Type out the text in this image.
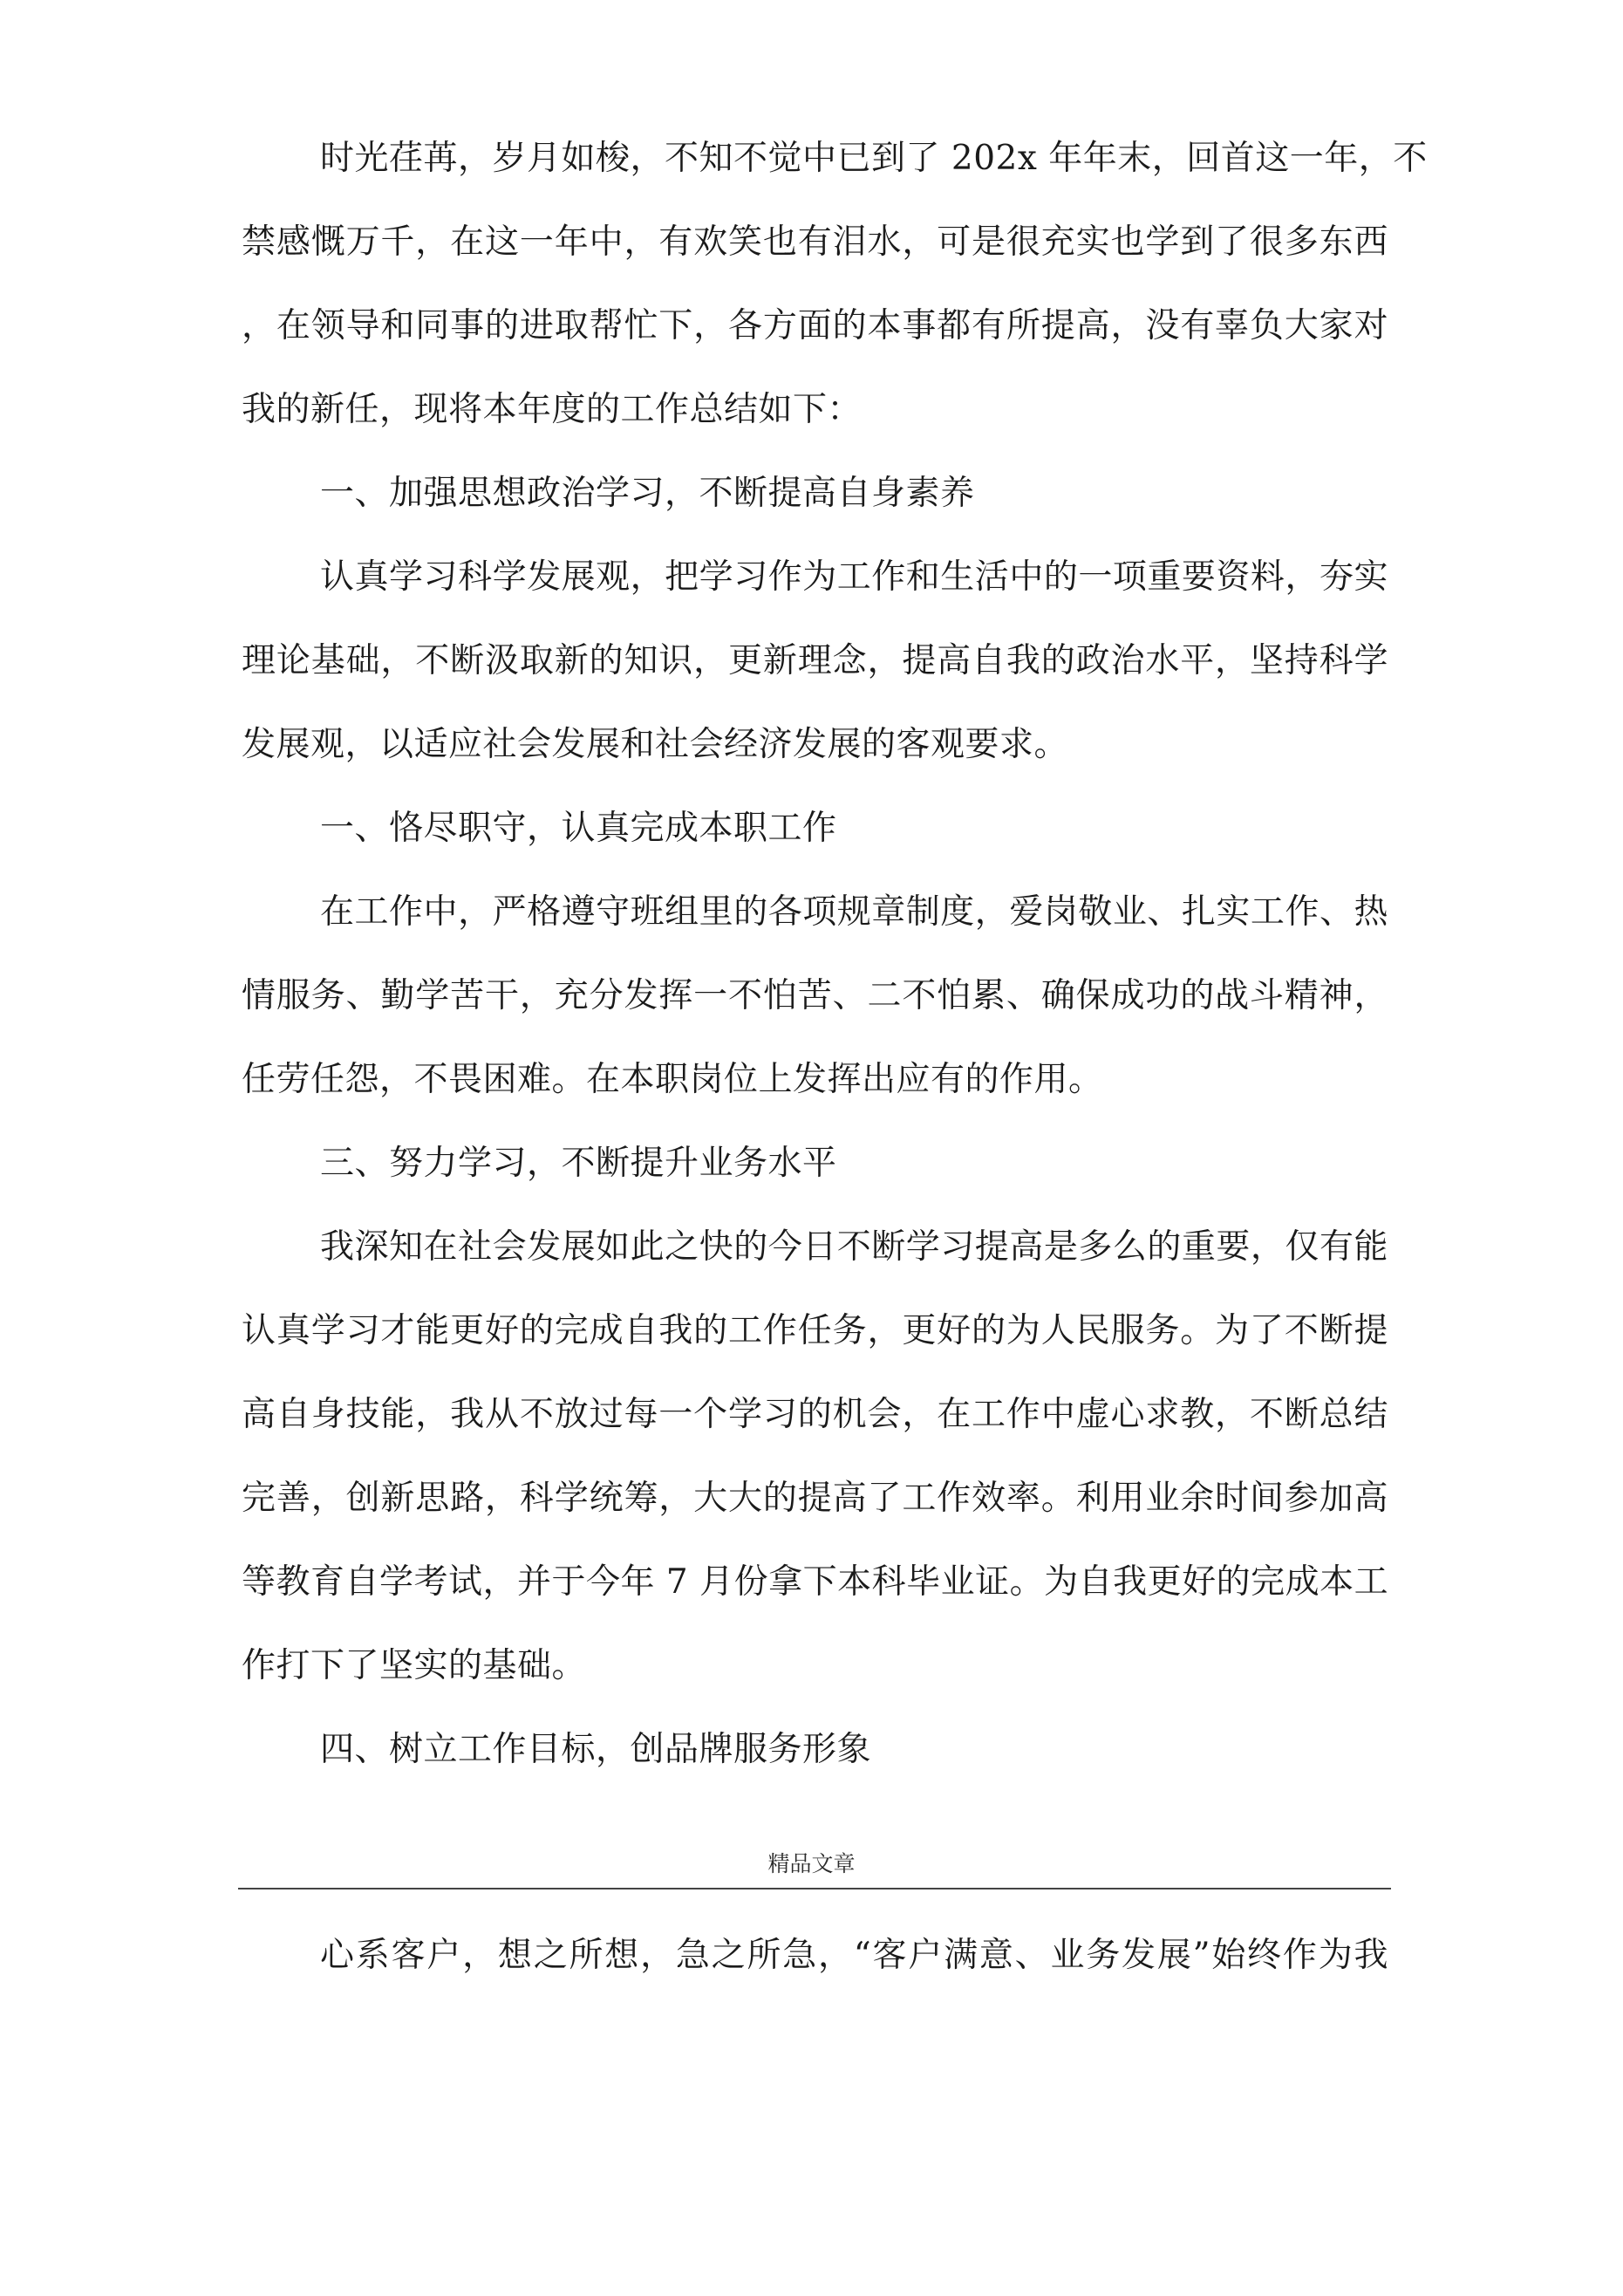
时光荏苒，岁月如梭，不知不觉中已到了 202x 年年末，回首这一年，不
禁感慨万千，在这一年中，有欢笑也有泪水，可是很充实也学到了很多东西
，在领导和同事的进取帮忙下，各方面的本事都有所提高，没有辜负大家对
我的新任，现将本年度的工作总结如下：
一、加强思想政治学习，不断提高自身素养
认真学习科学发展观，把学习作为工作和生活中的一项重要资料，夯实
理论基础，不断汲取新的知识，更新理念，提高自我的政治水平，坚持科学
发展观，以适应社会发展和社会经济发展的客观要求。
一、恪尽职守，认真完成本职工作
在工作中，严格遵守班组里的各项规章制度，爱岗敬业、扎实工作、热
情服务、勤学苦干，充分发挥一不怕苦、二不怕累、确保成功的战斗精神，
任劳任怨，不畏困难。在本职岗位上发挥出应有的作用。
三、努力学习，不断提升业务水平
我深知在社会发展如此之快的今日不断学习提高是多么的重要，仅有能
认真学习才能更好的完成自我的工作任务，更好的为人民服务。为了不断提
高自身技能，我从不放过每一个学习的机会，在工作中虚心求教，不断总结
完善，创新思路，科学统筹，大大的提高了工作效率。利用业余时间参加高
等教育自学考试，并于今年 7 月份拿下本科毕业证。为自我更好的完成本工
作打下了坚实的基础。
四、树立工作目标，创品牌服务形象
精品文章
心系客户，想之所想，急之所急，“客户满意、业务发展”始终作为我
